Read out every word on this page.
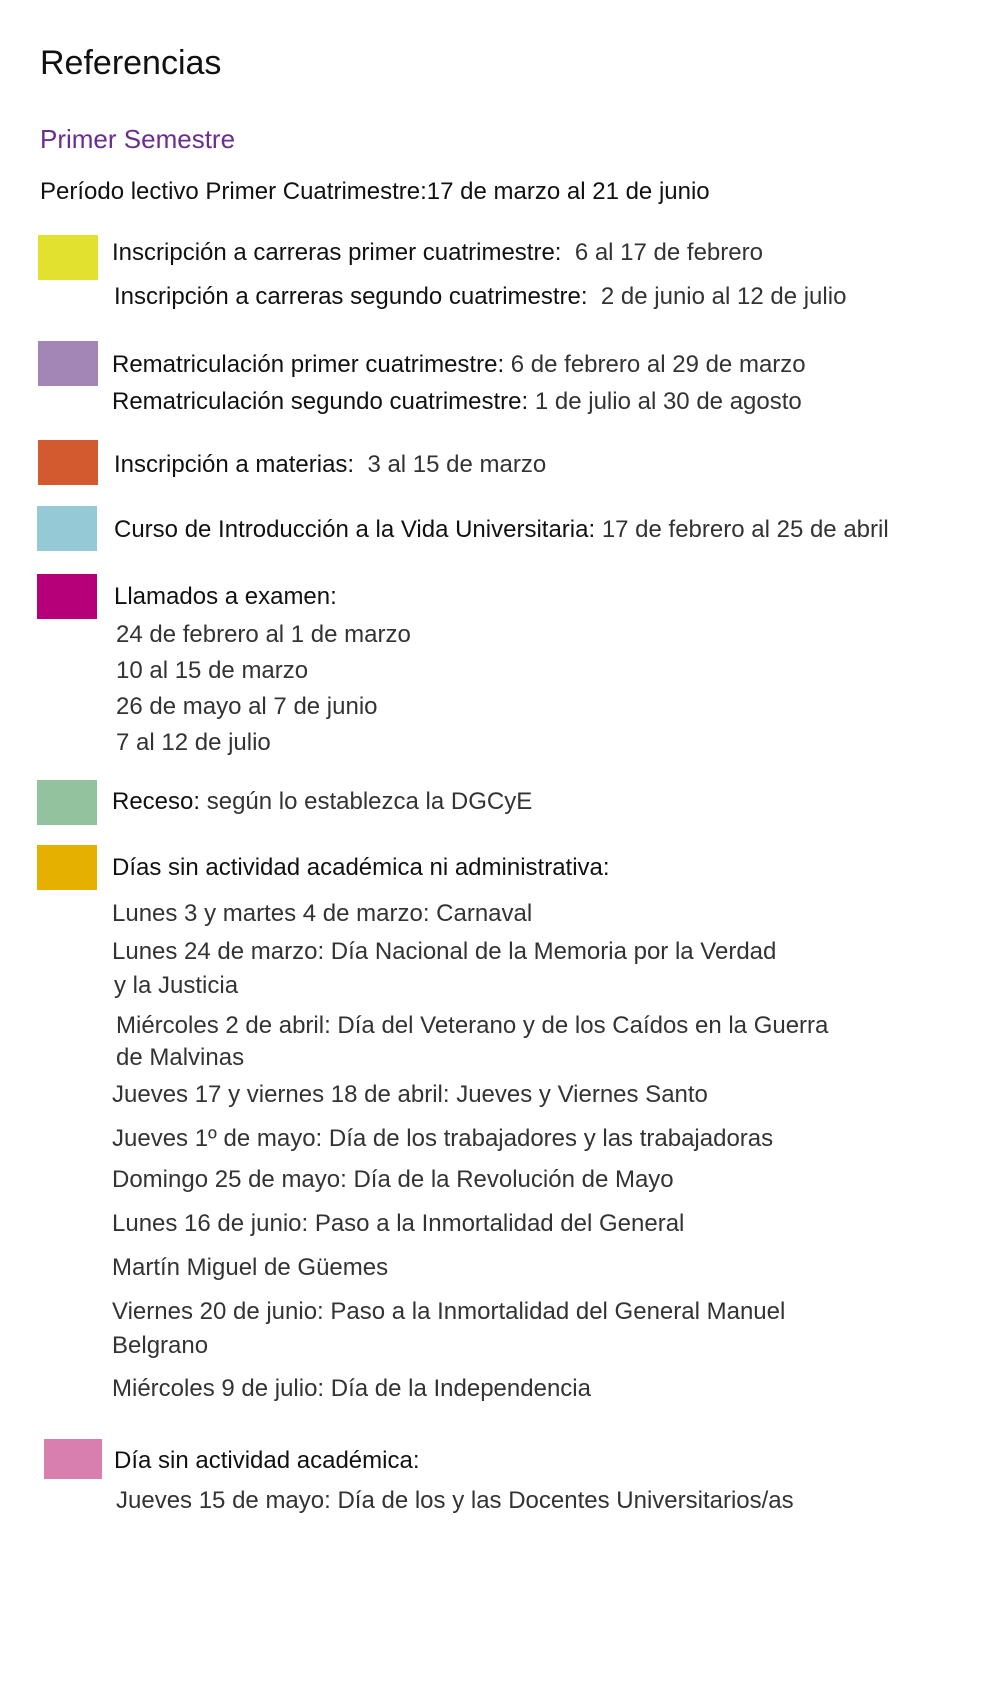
Referencias
Primer Semestre
Período lectivo Primer Cuatrimestre:17 de marzo al 21 de junio
Inscripción a carreras primer cuatrimestre: 6 al 17 de febrero
Inscripción a carreras segundo cuatrimestre: 2 de junio al 12 de julio
Rematriculación primer cuatrimestre: 6 de febrero al 29 de marzo
Rematriculación segundo cuatrimestre: 1 de julio al 30 de agosto
Inscripción a materias: 3 al 15 de marzo
Curso de Introducción a la Vida Universitaria: 17 de febrero al 25 de abril
Llamados a examen:
24 de febrero al 1 de marzo
10 al 15 de marzo
26 de mayo al 7 de junio
7 al 12 de julio
Receso: según lo establezca la DGCyE
Días sin actividad académica ni administrativa:
Lunes 3 y martes 4 de marzo: Carnaval
Lunes 24 de marzo: Día Nacional de la Memoria por la Verdad
y la Justicia
Miércoles 2 de abril: Día del Veterano y de los Caídos en la Guerra
de Malvinas
Jueves 17 y viernes 18 de abril: Jueves y Viernes Santo
Jueves 1º de mayo: Día de los trabajadores y las trabajadoras
Domingo 25 de mayo: Día de la Revolución de Mayo
Lunes 16 de junio: Paso a la Inmortalidad del General
Martín Miguel de Güemes
Viernes 20 de junio: Paso a la Inmortalidad del General Manuel
Belgrano
Miércoles 9 de julio: Día de la Independencia
Día sin actividad académica:
Jueves 15 de mayo: Día de los y las Docentes Universitarios/as
